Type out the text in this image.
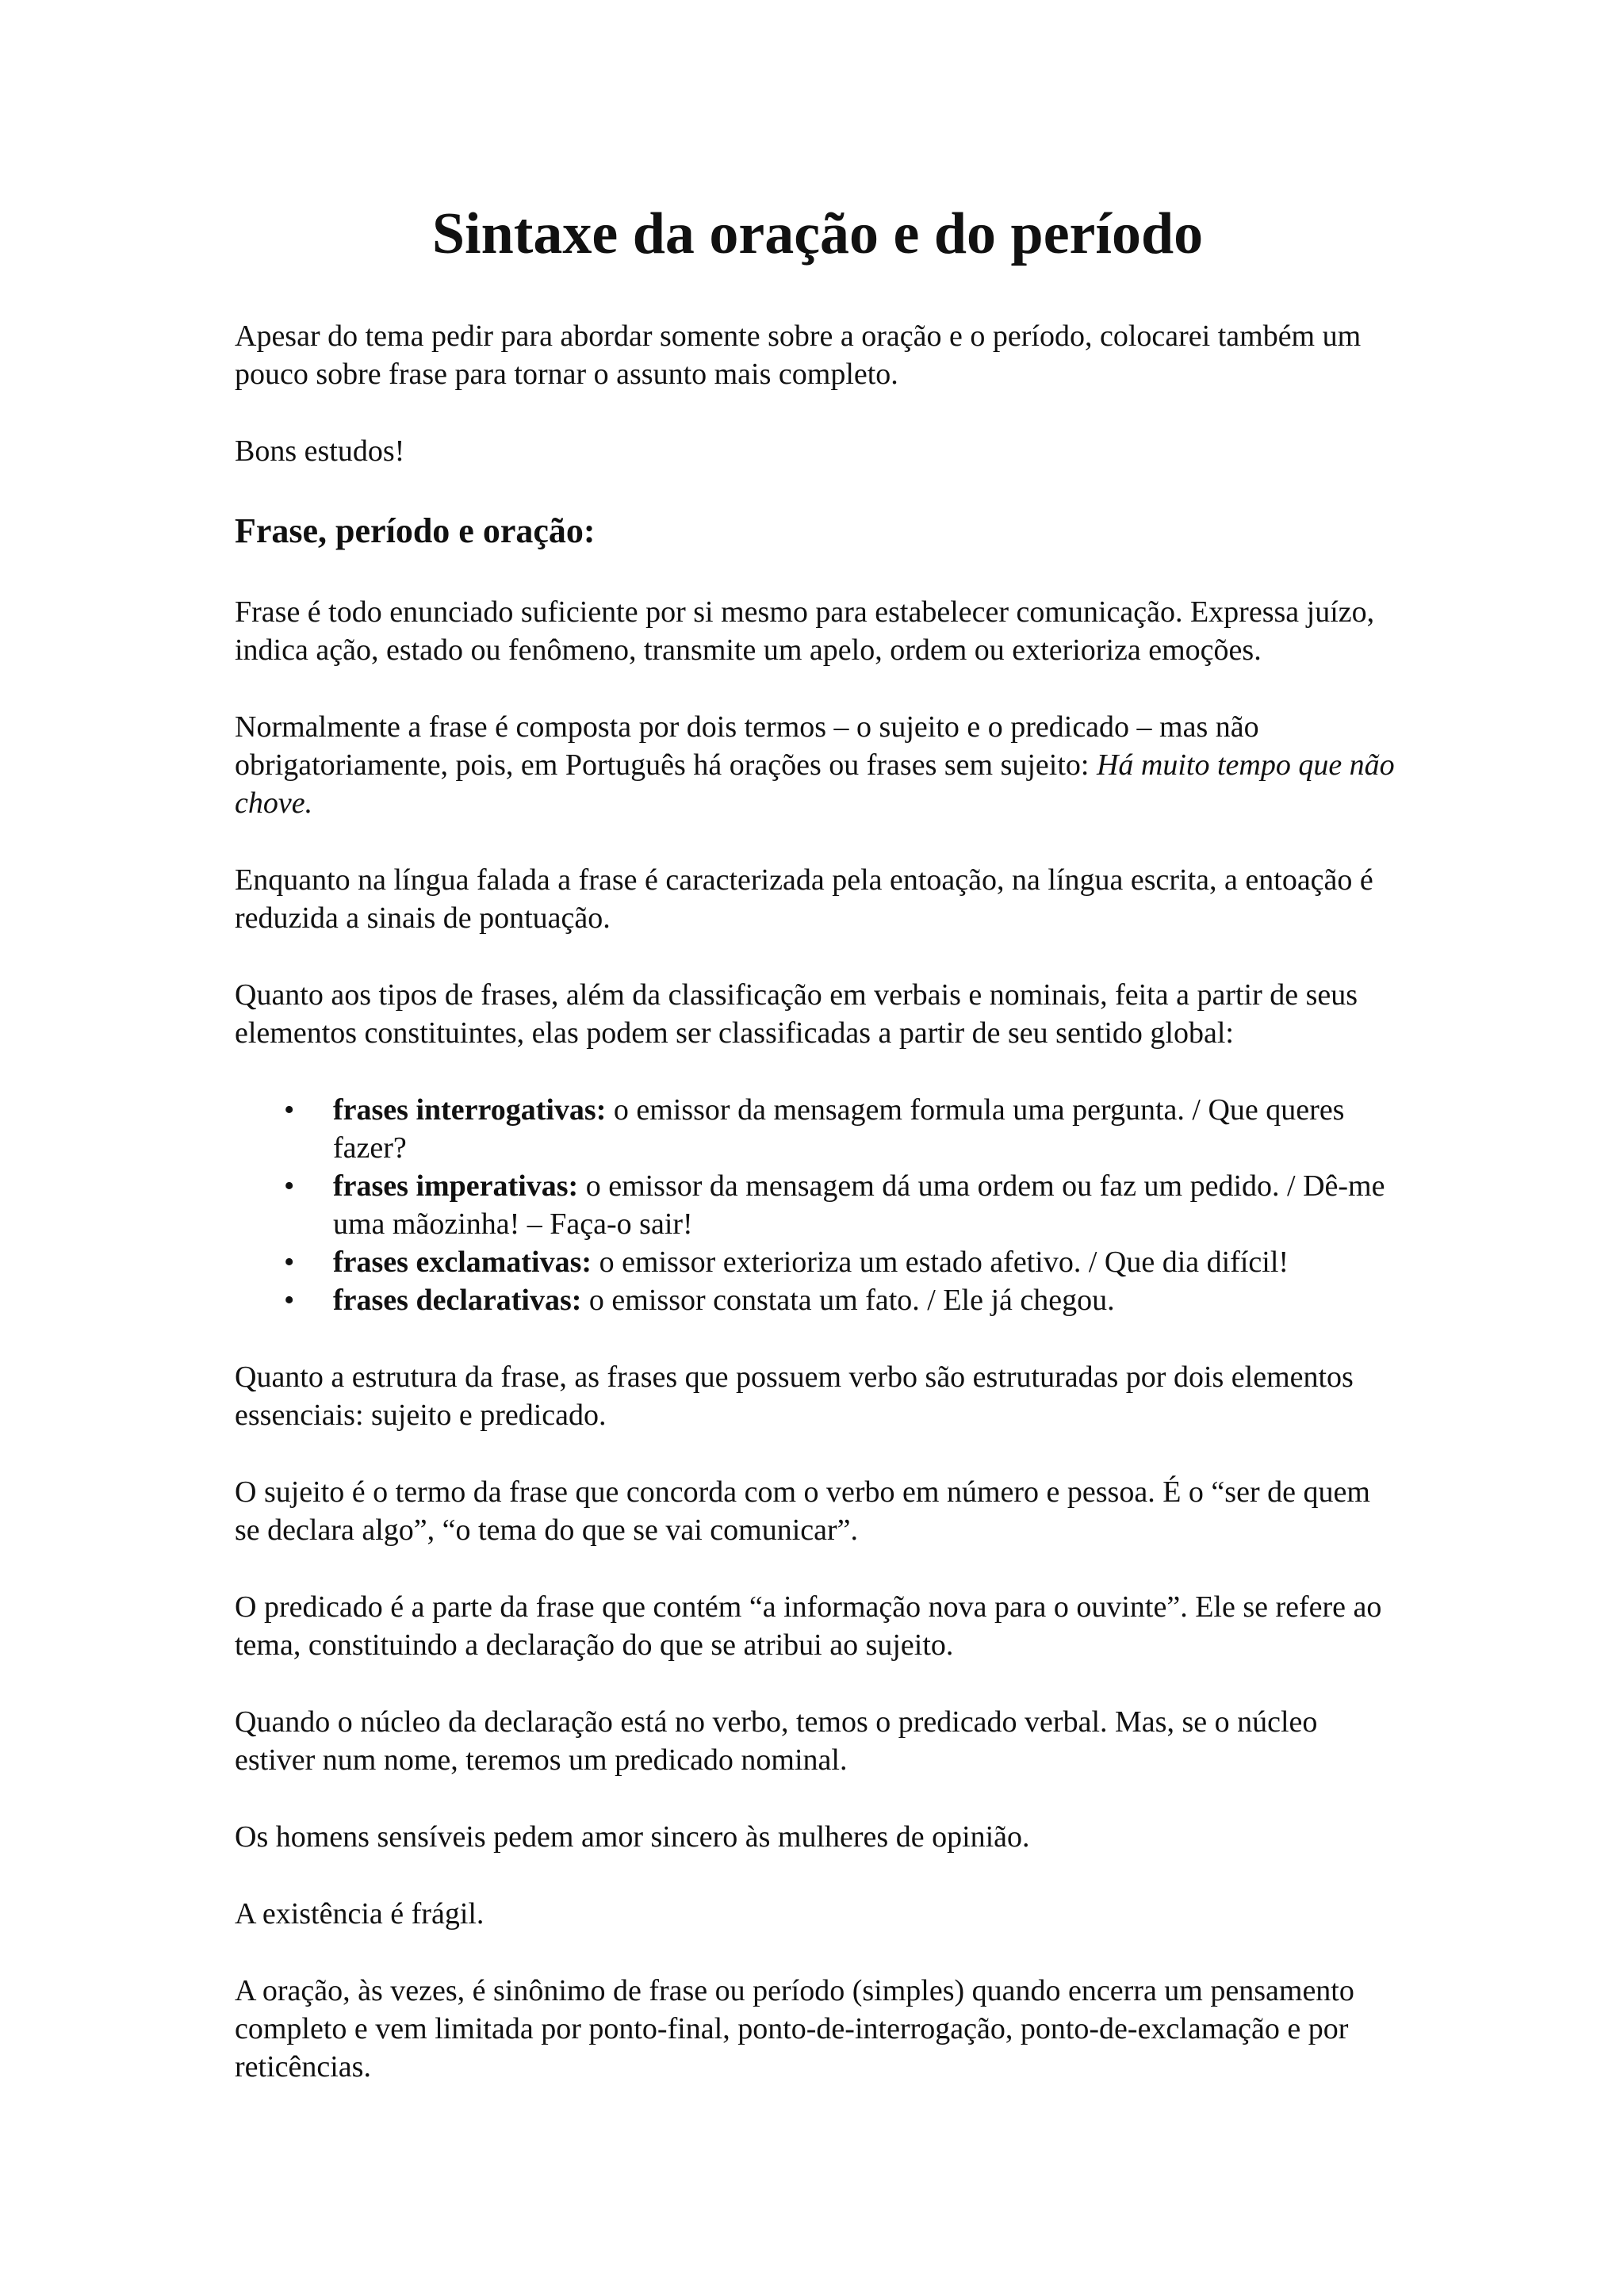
Sintaxe da oração e do período

Apesar do tema pedir para abordar somente sobre a oração e o período, colocarei também um pouco sobre frase para tornar o assunto mais completo.

Bons estudos!

Frase, período e oração:

Frase é todo enunciado suficiente por si mesmo para estabelecer comunicação. Expressa juízo, indica ação, estado ou fenômeno, transmite um apelo, ordem ou exterioriza emoções.

Normalmente a frase é composta por dois termos – o sujeito e o predicado – mas não obrigatoriamente, pois, em Português há orações ou frases sem sujeito: Há muito tempo que não chove.

Enquanto na língua falada a frase é caracterizada pela entoação, na língua escrita, a entoação é reduzida a sinais de pontuação.

Quanto aos tipos de frases, além da classificação em verbais e nominais, feita a partir de seus elementos constituintes, elas podem ser classificadas a partir de seu sentido global:

• frases interrogativas: o emissor da mensagem formula uma pergunta. / Que queres fazer?
• frases imperativas: o emissor da mensagem dá uma ordem ou faz um pedido. / Dê-me uma mãozinha! – Faça-o sair!
• frases exclamativas: o emissor exterioriza um estado afetivo. / Que dia difícil!
• frases declarativas: o emissor constata um fato. / Ele já chegou.

Quanto a estrutura da frase, as frases que possuem verbo são estruturadas por dois elementos essenciais: sujeito e predicado.

O sujeito é o termo da frase que concorda com o verbo em número e pessoa. É o “ser de quem se declara algo”, “o tema do que se vai comunicar”.

O predicado é a parte da frase que contém “a informação nova para o ouvinte”. Ele se refere ao tema, constituindo a declaração do que se atribui ao sujeito.

Quando o núcleo da declaração está no verbo, temos o predicado verbal. Mas, se o núcleo estiver num nome, teremos um predicado nominal.

Os homens sensíveis pedem amor sincero às mulheres de opinião.

A existência é frágil.

A oração, às vezes, é sinônimo de frase ou período (simples) quando encerra um pensamento completo e vem limitada por ponto-final, ponto-de-interrogação, ponto-de-exclamação e por reticências.
